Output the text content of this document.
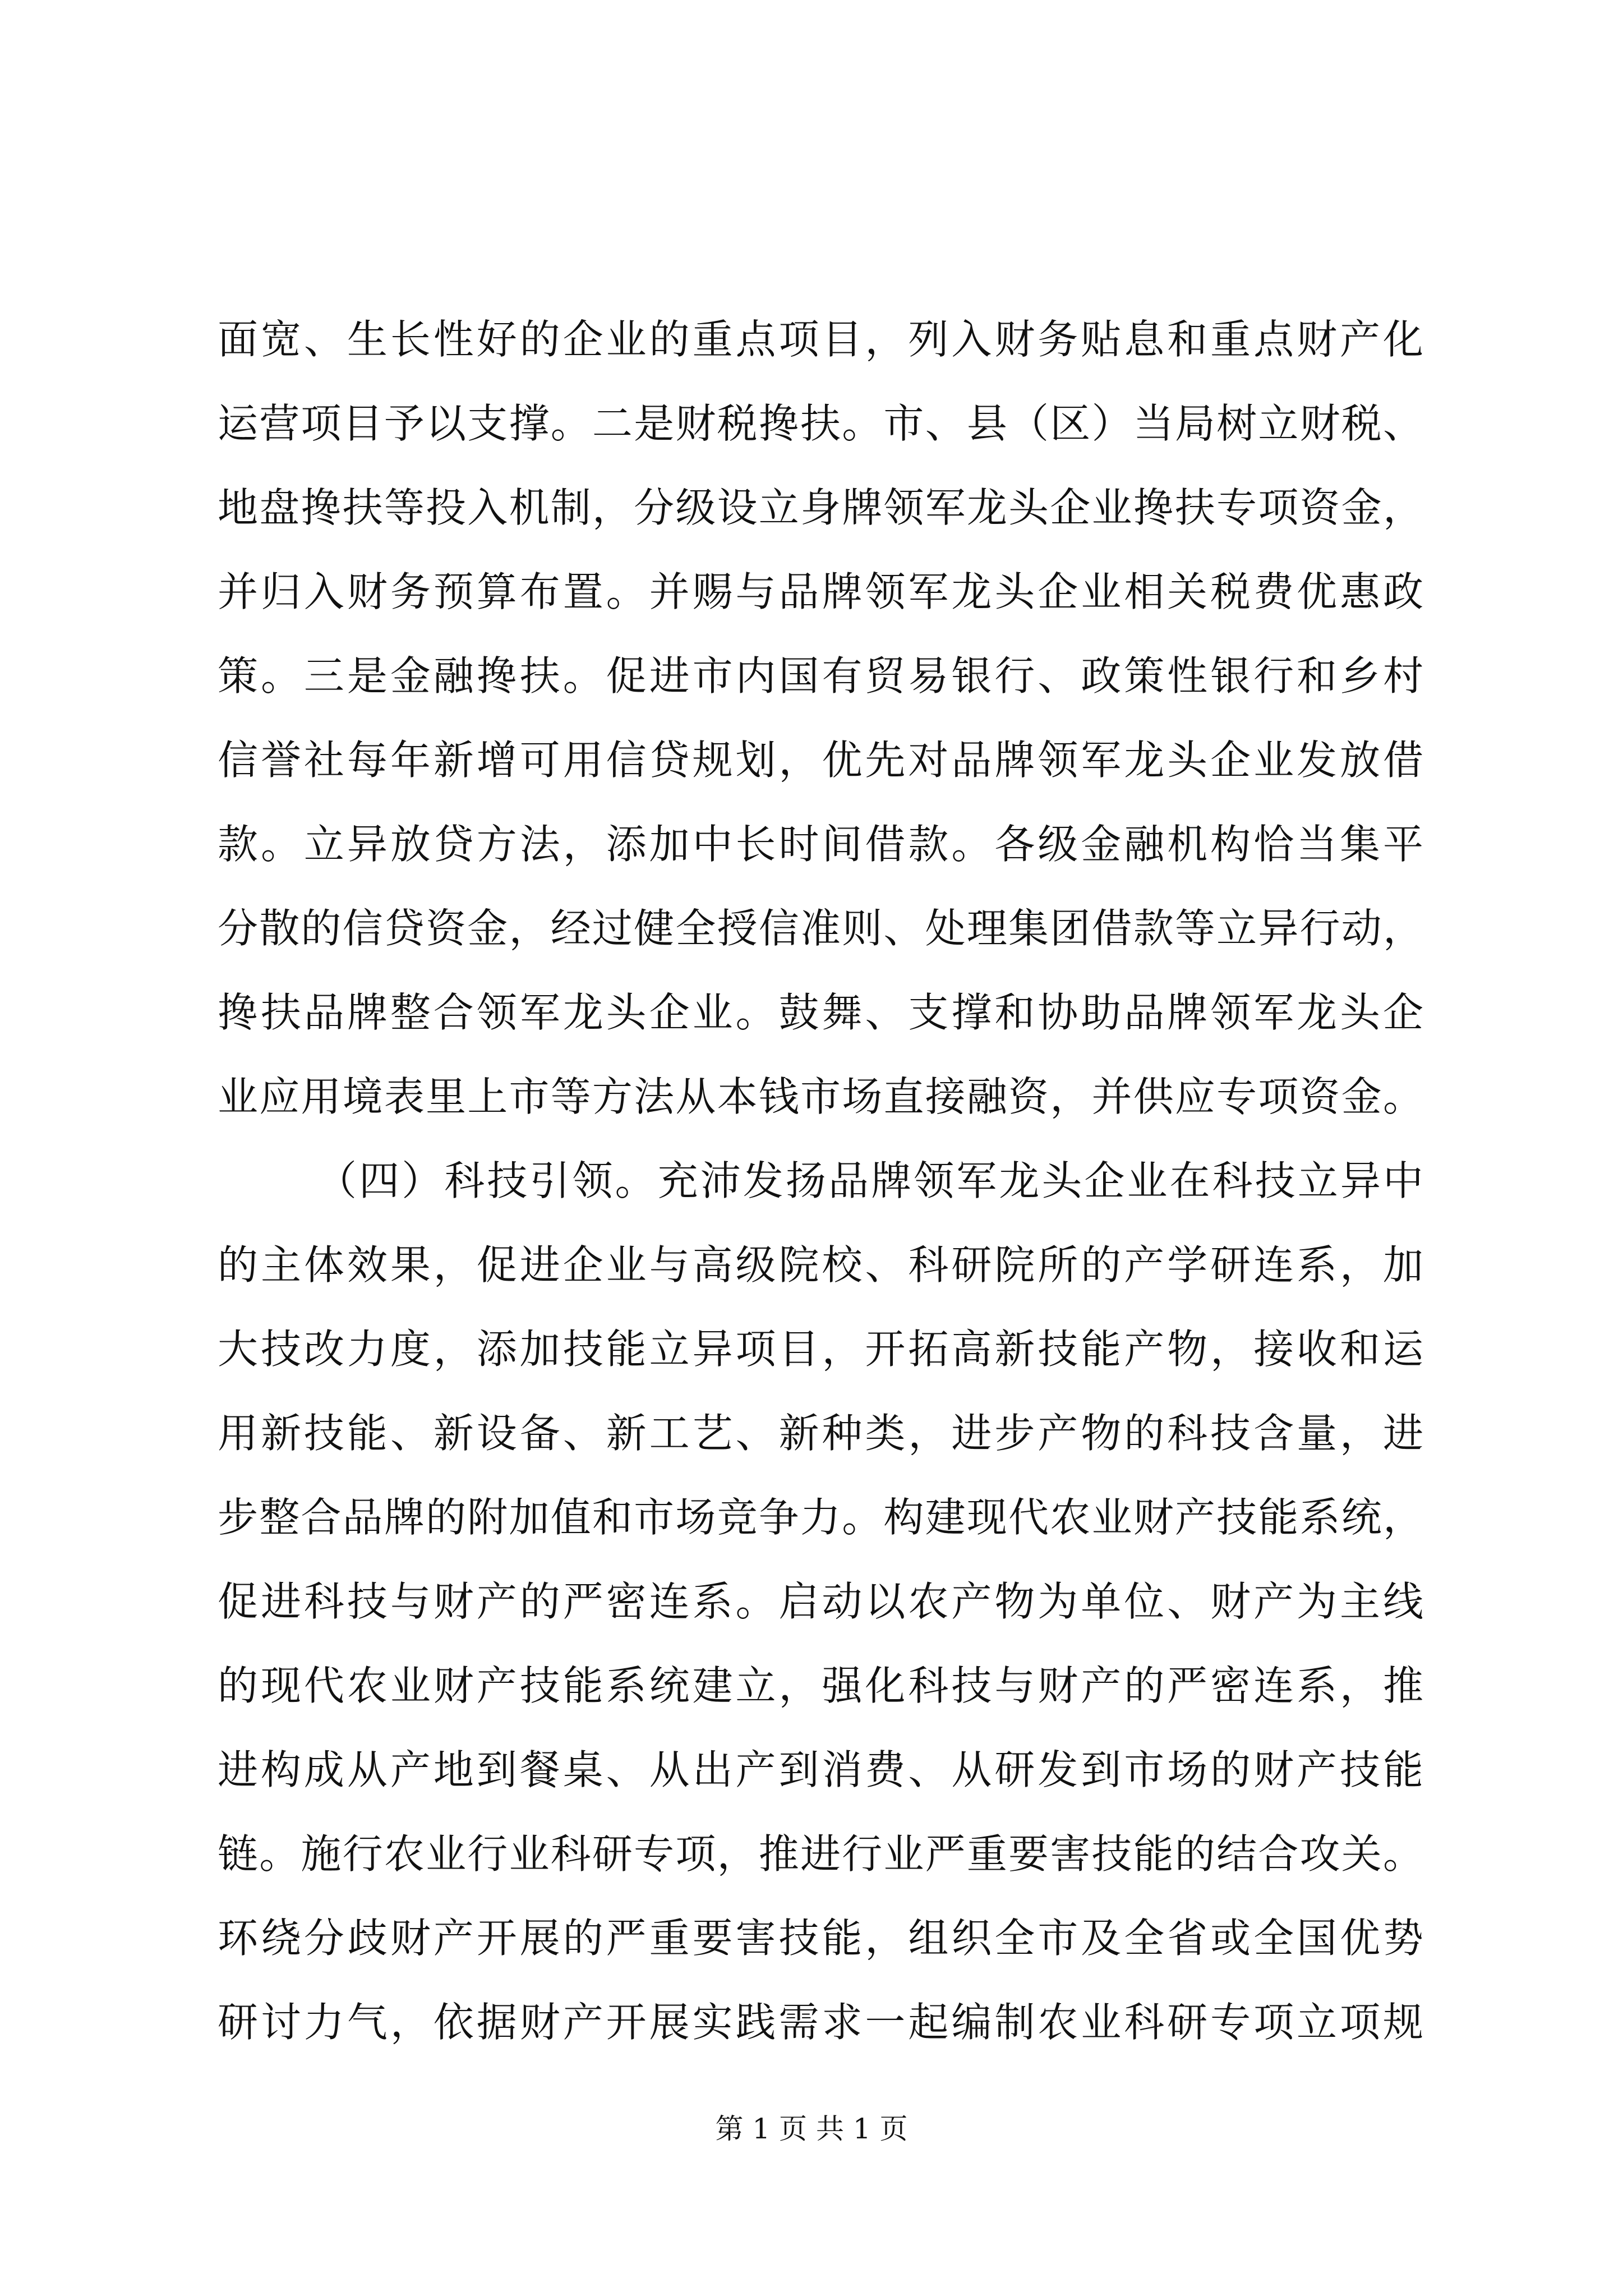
面宽、生长性好的企业的重点项目，列入财务贴息和重点财产化
运营项目予以支撑。二是财税搀扶。市、县（区）当局树立财税、
地盘搀扶等投入机制，分级设立身牌领军龙头企业搀扶专项资金，
并归入财务预算布置。并赐与品牌领军龙头企业相关税费优惠政
策。三是金融搀扶。促进市内国有贸易银行、政策性银行和乡村
信誉社每年新增可用信贷规划，优先对品牌领军龙头企业发放借
款。立异放贷方法，添加中长时间借款。各级金融机构恰当集平
分散的信贷资金，经过健全授信准则、处理集团借款等立异行动，
搀扶品牌整合领军龙头企业。鼓舞、支撑和协助品牌领军龙头企
业应用境表里上市等方法从本钱市场直接融资，并供应专项资金。
（四）科技引领。充沛发扬品牌领军龙头企业在科技立异中
的主体效果，促进企业与高级院校、科研院所的产学研连系，加
大技改力度，添加技能立异项目，开拓高新技能产物，接收和运
用新技能、新设备、新工艺、新种类，进步产物的科技含量，进
步整合品牌的附加值和市场竞争力。构建现代农业财产技能系统，
促进科技与财产的严密连系。启动以农产物为单位、财产为主线
的现代农业财产技能系统建立，强化科技与财产的严密连系，推
进构成从产地到餐桌、从出产到消费、从研发到市场的财产技能
链。施行农业行业科研专项，推进行业严重要害技能的结合攻关。
环绕分歧财产开展的严重要害技能，组织全市及全省或全国优势
研讨力气，依据财产开展实践需求一起编制农业科研专项立项规
第 1 页 共 1 页
